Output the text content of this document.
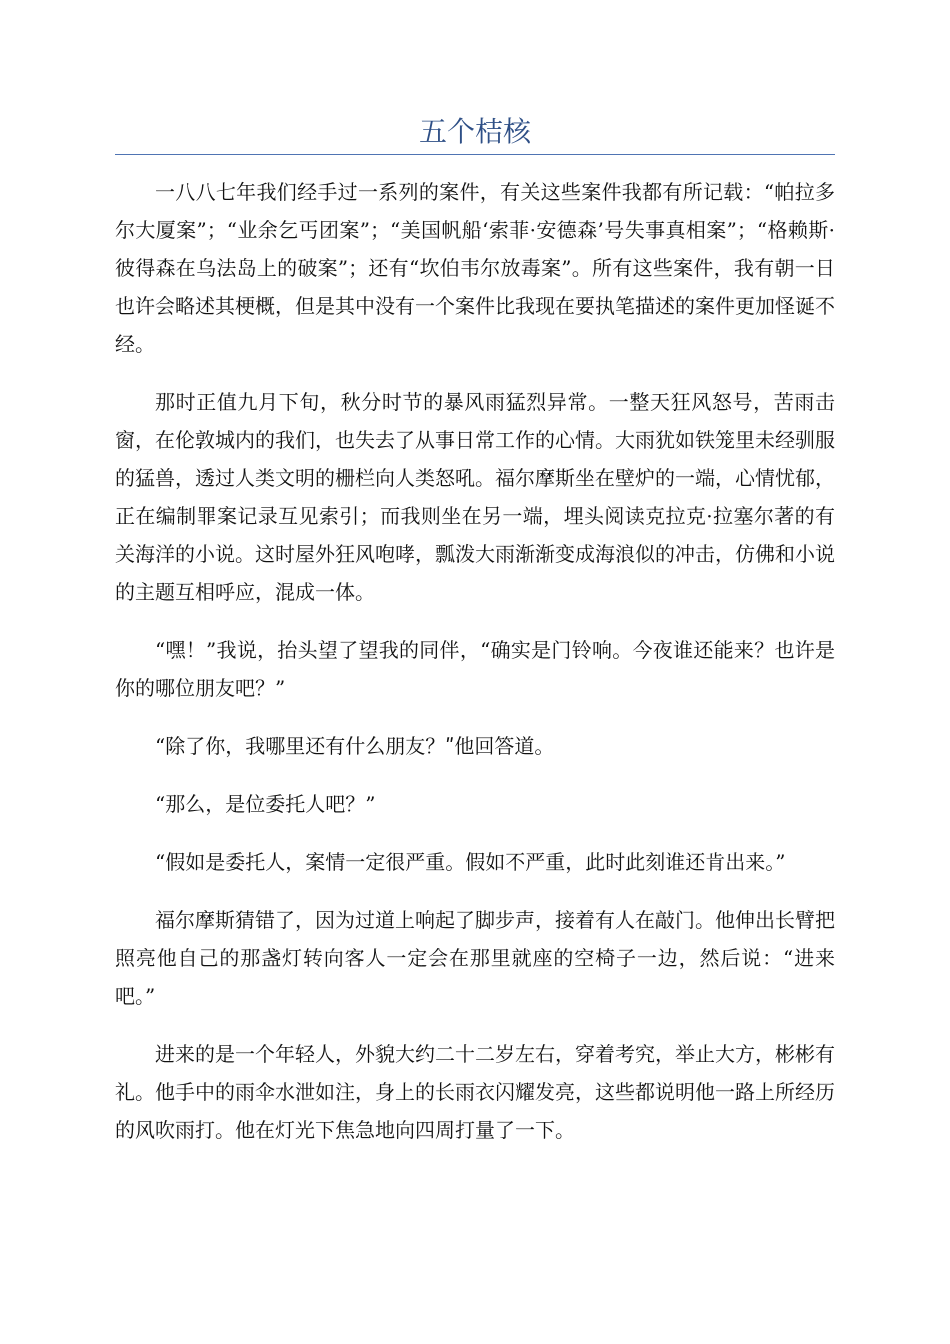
五个桔核

一八八七年我们经手过一系列的案件，有关这些案件我都有所记载：“帕拉多尔大厦案”；“业余乞丐团案”；“美国帆船‘索菲·安德森’号失事真相案”；“格赖斯·彼得森在乌法岛上的破案”；还有“坎伯韦尔放毒案”。所有这些案件，我有朝一日也许会略述其梗概，但是其中没有一个案件比我现在要执笔描述的案件更加怪诞不经。

那时正值九月下旬，秋分时节的暴风雨猛烈异常。一整天狂风怒号，苦雨击窗，在伦敦城内的我们，也失去了从事日常工作的心情。大雨犹如铁笼里未经驯服的猛兽，透过人类文明的栅栏向人类怒吼。福尔摩斯坐在壁炉的一端，心情忧郁，正在编制罪案记录互见索引；而我则坐在另一端，埋头阅读克拉克·拉塞尔著的有关海洋的小说。这时屋外狂风咆哮，瓢泼大雨渐渐变成海浪似的冲击，仿佛和小说的主题互相呼应，混成一体。

“嘿！”我说，抬头望了望我的同伴，“确实是门铃响。今夜谁还能来？也许是你的哪位朋友吧？”

“除了你，我哪里还有什么朋友？ʺ他回答道。

“那么，是位委托人吧？”

“假如是委托人，案情一定很严重。假如不严重，此时此刻谁还肯出来。”

福尔摩斯猜错了，因为过道上响起了脚步声，接着有人在敲门。他伸出长臂把照亮他自己的那盏灯转向客人一定会在那里就座的空椅子一边，然后说：“进来吧。”

进来的是一个年轻人，外貌大约二十二岁左右，穿着考究，举止大方，彬彬有礼。他手中的雨伞水泄如注，身上的长雨衣闪耀发亮，这些都说明他一路上所经历的风吹雨打。他在灯光下焦急地向四周打量了一下。
